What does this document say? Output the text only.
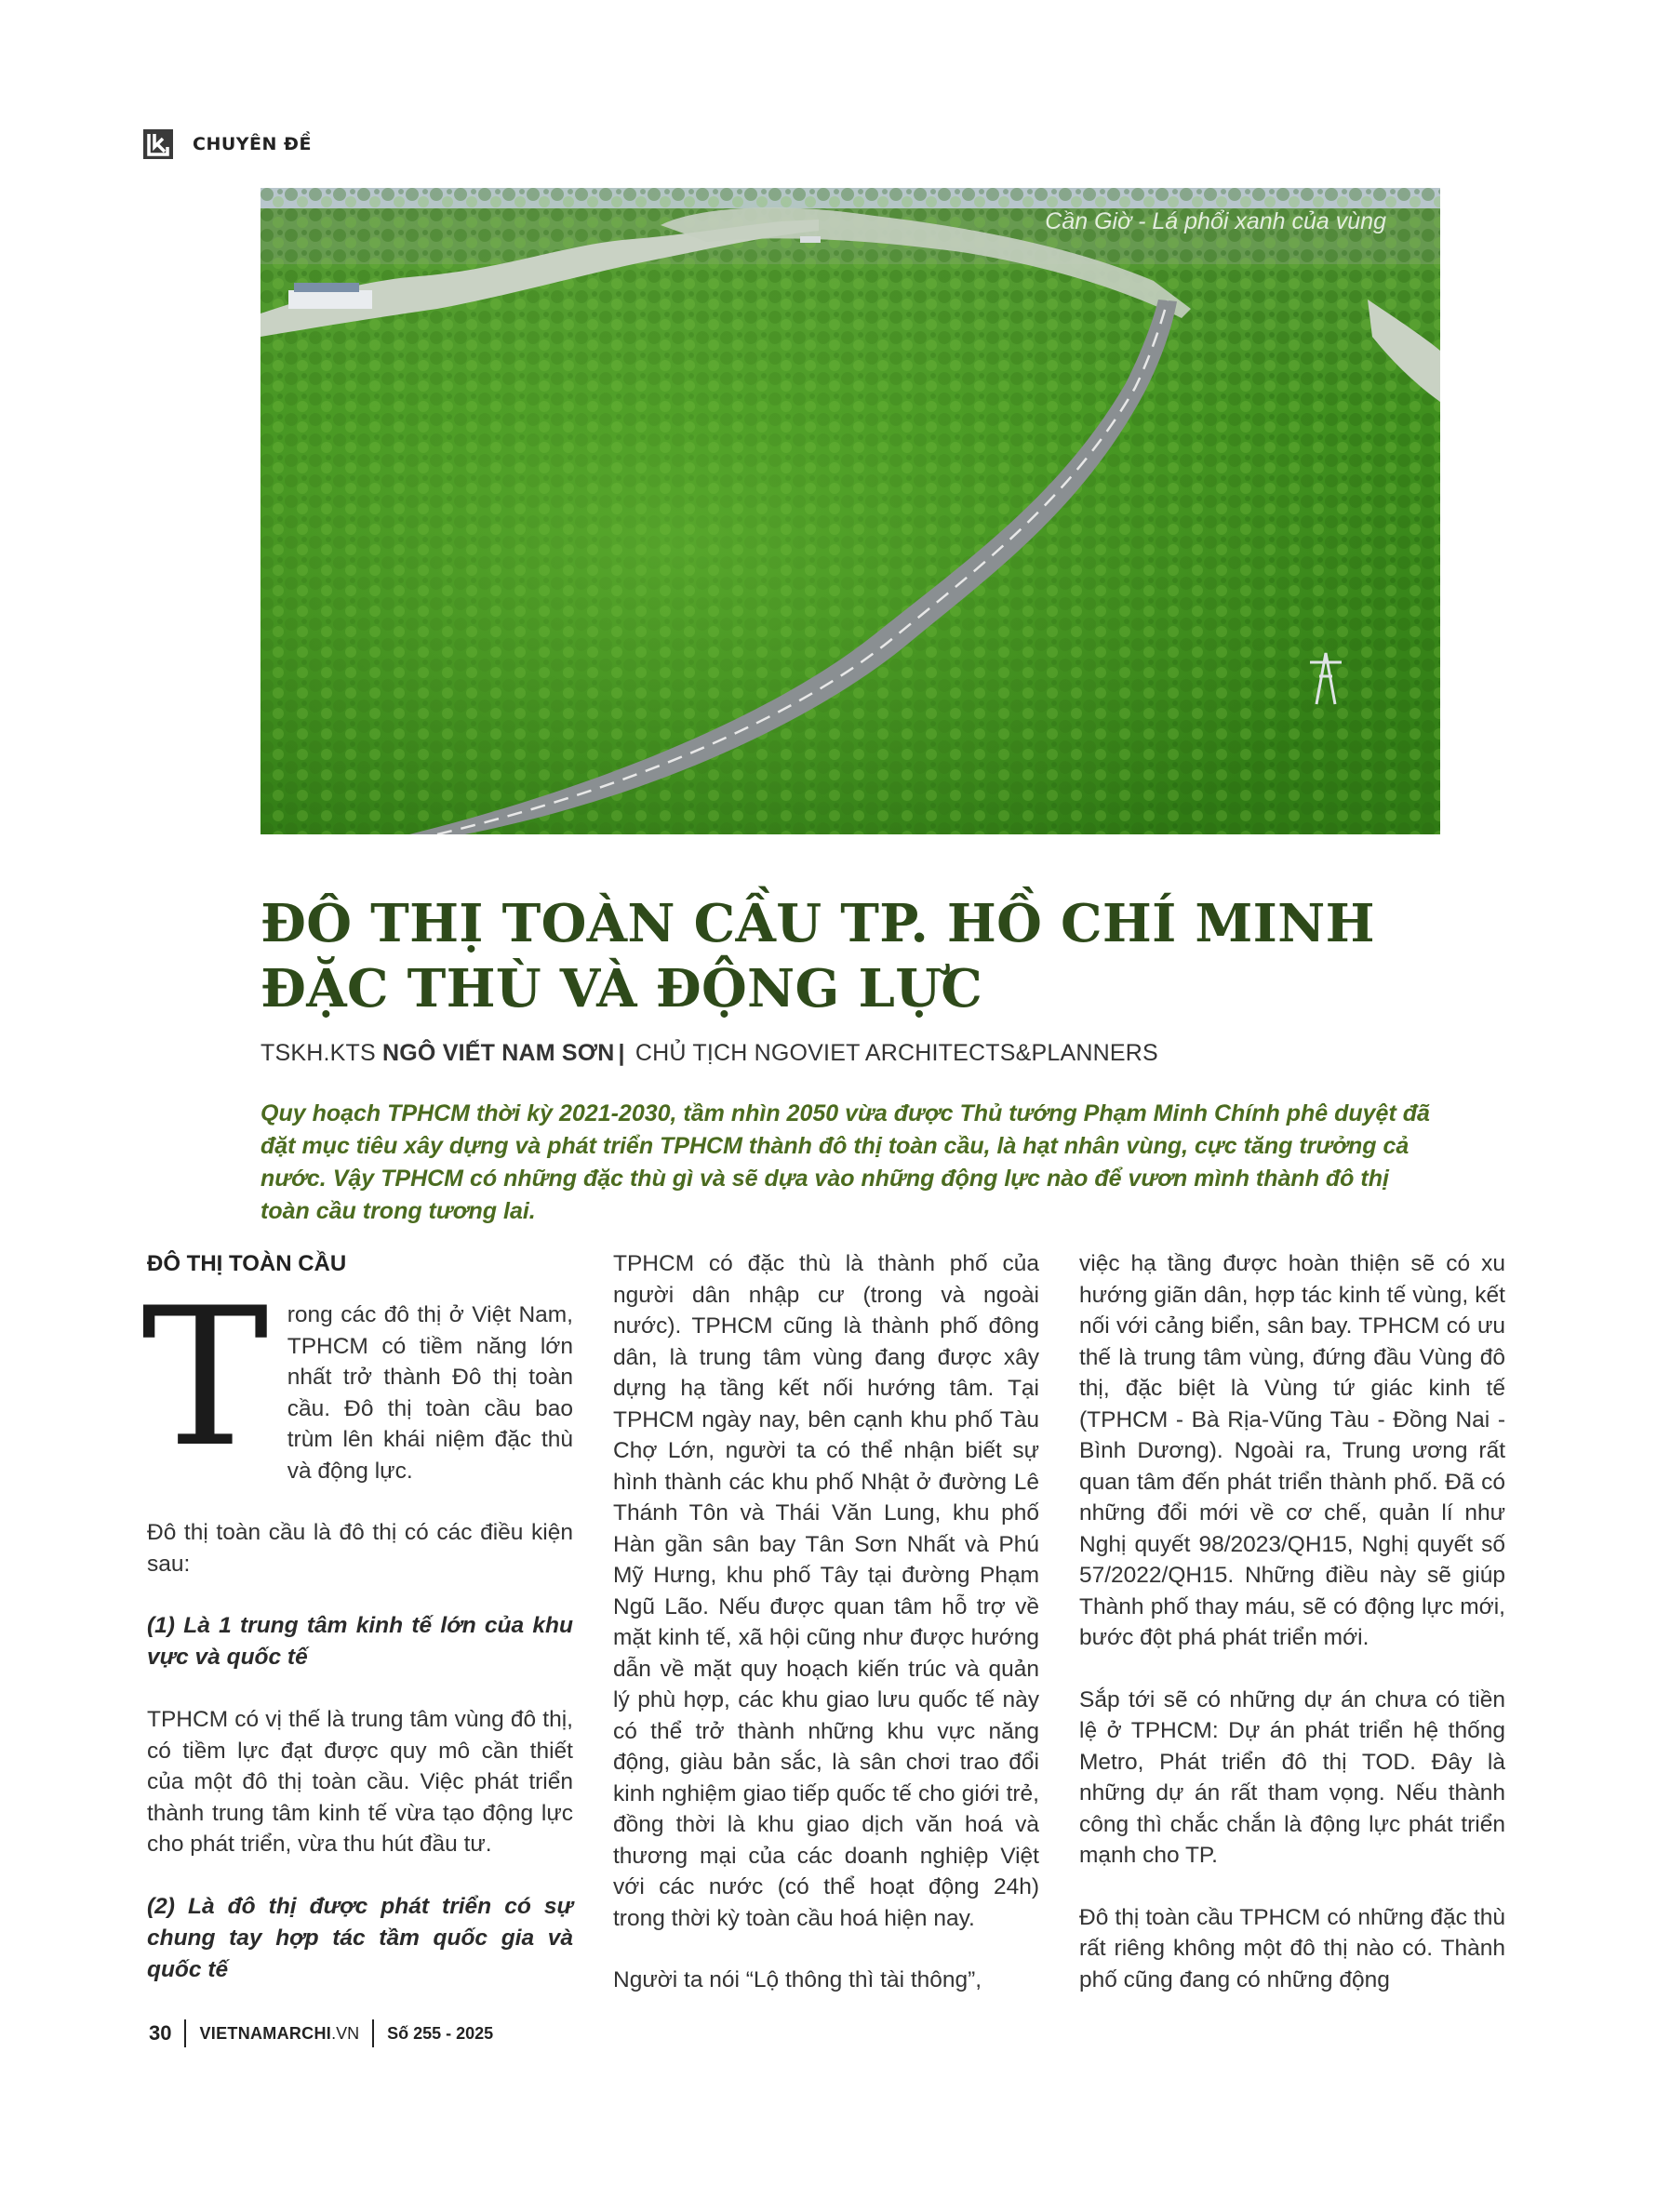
CHUYÊN ĐỀ
Cần Giờ - Lá phổi xanh của vùng
ĐÔ THỊ TOÀN CẦU TP. HỒ CHÍ MINH
ĐẶC THÙ VÀ ĐỘNG LỰC
TSKH.KTS NGÔ VIẾT NAM SƠN | CHỦ TỊCH NGOVIET ARCHITECTS&PLANNERS
Quy hoạch TPHCM thời kỳ 2021-2030, tầm nhìn 2050 vừa được Thủ tướng Phạm Minh Chính phê duyệt đã đặt mục tiêu xây dựng và phát triển TPHCM thành đô thị toàn cầu, là hạt nhân vùng, cực tăng trưởng cả nước. Vậy TPHCM có những đặc thù gì và sẽ dựa vào những động lực nào để vươn mình thành đô thị toàn cầu trong tương lai.
ĐÔ THỊ TOÀN CẦU

Trong các đô thị ở Việt Nam, TPHCM có tiềm năng lớn nhất trở thành Đô thị toàn cầu. Đô thị toàn cầu bao trùm lên khái niệm đặc thù và động lực.

Đô thị toàn cầu là đô thị có các điều kiện sau:

(1) Là 1 trung tâm kinh tế lớn của khu vực và quốc tế

TPHCM có vị thế là trung tâm vùng đô thị, có tiềm lực đạt được quy mô cần thiết của một đô thị toàn cầu. Việc phát triển thành trung tâm kinh tế vừa tạo động lực cho phát triển, vừa thu hút đầu tư.

(2) Là đô thị được phát triển có sự chung tay hợp tác tầm quốc gia và quốc tế

TPHCM có đặc thù là thành phố của người dân nhập cư (trong và ngoài nước). TPHCM cũng là thành phố đông dân, là trung tâm vùng đang được xây dựng hạ tầng kết nối hướng tâm. Tại TPHCM ngày nay, bên cạnh khu phố Tàu Chợ Lớn, người ta có thể nhận biết sự hình thành các khu phố Nhật ở đường Lê Thánh Tôn và Thái Văn Lung, khu phố Hàn gần sân bay Tân Sơn Nhất và Phú Mỹ Hưng, khu phố Tây tại đường Phạm Ngũ Lão. Nếu được quan tâm hỗ trợ về mặt kinh tế, xã hội cũng như được hướng dẫn về mặt quy hoạch kiến trúc và quản lý phù hợp, các khu giao lưu quốc tế này có thể trở thành những khu vực năng động, giàu bản sắc, là sân chơi trao đổi kinh nghiệm giao tiếp quốc tế cho giới trẻ, đồng thời là khu giao dịch văn hoá và thương mại của các doanh nghiệp Việt với các nước (có thể hoạt động 24h) trong thời kỳ toàn cầu hoá hiện nay.

Người ta nói “Lộ thông thì tài thông”,

việc hạ tầng được hoàn thiện sẽ có xu hướng giãn dân, hợp tác kinh tế vùng, kết nối với cảng biển, sân bay. TPHCM có ưu thế là trung tâm vùng, đứng đầu Vùng đô thị, đặc biệt là Vùng tứ giác kinh tế (TPHCM - Bà Rịa-Vũng Tàu - Đồng Nai - Bình Dương). Ngoài ra, Trung ương rất quan tâm đến phát triển thành phố. Đã có những đổi mới về cơ chế, quản lí như Nghị quyết 98/2023/QH15, Nghị quyết số 57/2022/QH15. Những điều này sẽ giúp Thành phố thay máu, sẽ có động lực mới, bước đột phá phát triển mới.

Sắp tới sẽ có những dự án chưa có tiền lệ ở TPHCM: Dự án phát triển hệ thống Metro, Phát triển đô thị TOD. Đây là những dự án rất tham vọng. Nếu thành công thì chắc chắn là động lực phát triển mạnh cho TP.

Đô thị toàn cầu TPHCM có những đặc thù rất riêng không một đô thị nào có. Thành phố cũng đang có những động

30 VIETNAMARCHI .VN Số 255 - 2025
